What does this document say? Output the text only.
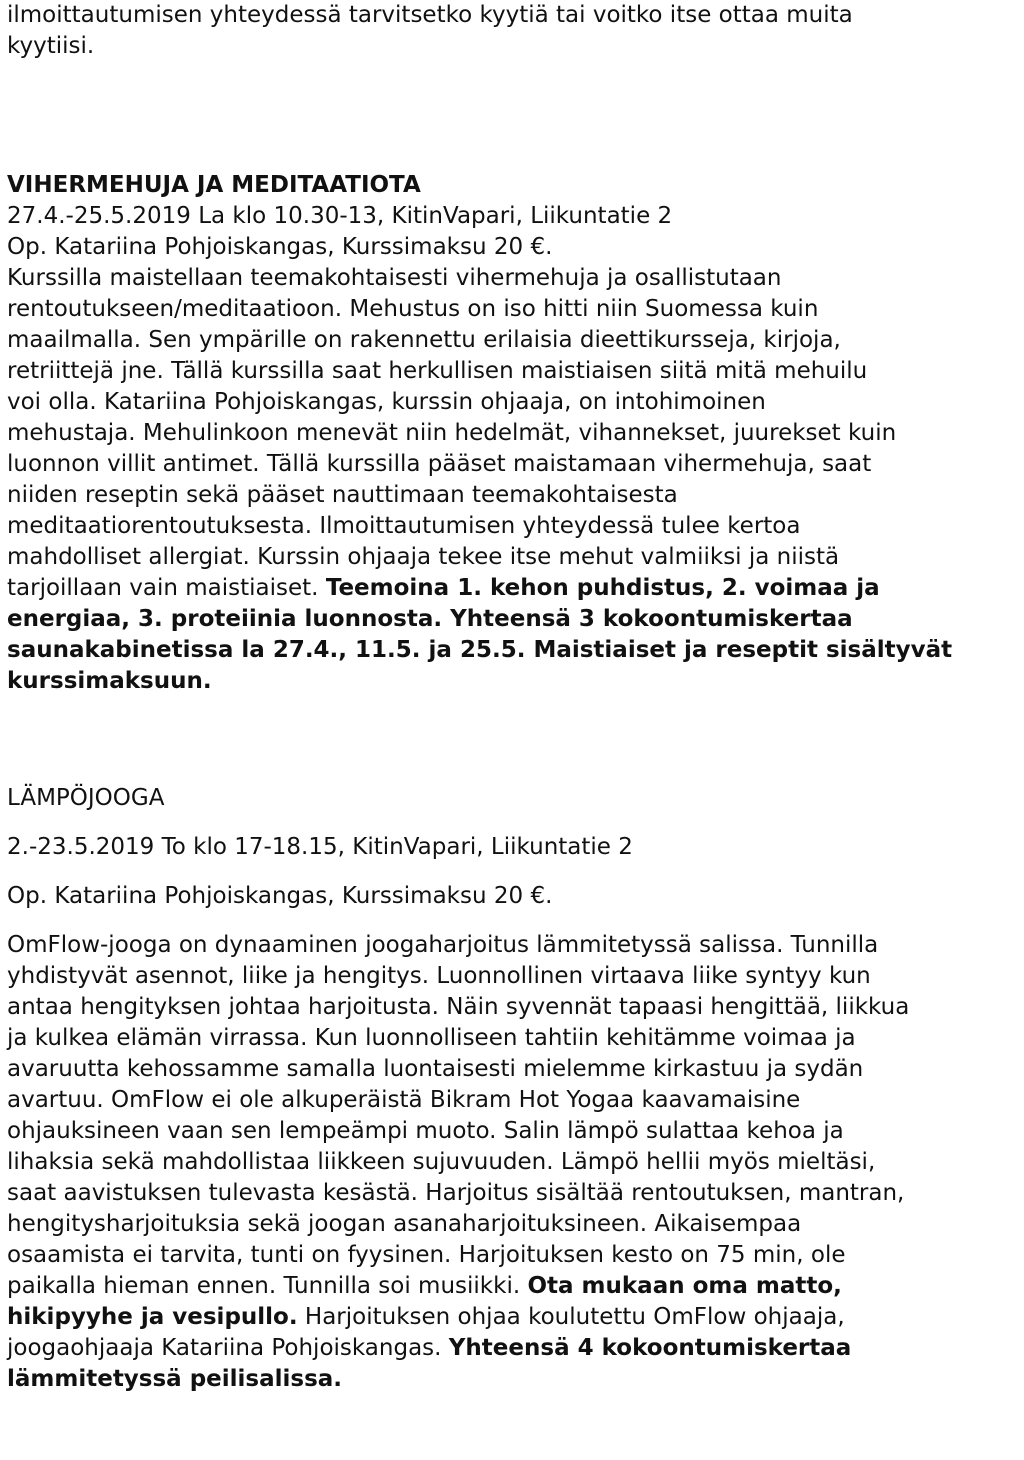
ilmoittautumisen yhteydessä tarvitsetko kyytiä tai voitko itse ottaa muita
kyytiisi.

VIHERMEHUJA JA MEDITAATIOTA

27.4.-25.5.2019 La klo 10.30-13, KitinVapari, Liikuntatie 2

Op. Katariina Pohjoiskangas, Kurssimaksu 20 €.

Kurssilla maistellaan teemakohtaisesti vihermehuja ja osallistutaan
rentoutukseen/meditaatioon. Mehustus on iso hitti niin Suomessa kuin
maailmalla. Sen ympärille on rakennettu erilaisia dieettikursseja, kirjoja,
retriittejä jne. Tällä kurssilla saat herkullisen maistiaisen siitä mitä mehuilu
voi olla. Katariina Pohjoiskangas, kurssin ohjaaja, on intohimoinen
mehustaja. Mehulinkoon menevät niin hedelmät, vihannekset, juurekset kuin
luonnon villit antimet. Tällä kurssilla pääset maistamaan vihermehuja, saat
niiden reseptin sekä pääset nauttimaan teemakohtaisesta
meditaatiorentoutuksesta. Ilmoittautumisen yhteydessä tulee kertoa
mahdolliset allergiat. Kurssin ohjaaja tekee itse mehut valmiiksi ja niistä
tarjoillaan vain maistiaiset. Teemoina 1. kehon puhdistus, 2. voimaa ja
energiaa, 3. proteiinia luonnosta. Yhteensä 3 kokoontumiskertaa
saunakabinetissa la 27.4., 11.5. ja 25.5. Maistiaiset ja reseptit sisältyvät
kurssimaksuun.

LÄMPÖJOOGA

2.-23.5.2019 To klo 17-18.15, KitinVapari, Liikuntatie 2

Op. Katariina Pohjoiskangas, Kurssimaksu 20 €.

OmFlow-jooga on dynaaminen joogaharjoitus lämmitetyssä salissa. Tunnilla
yhdistyvät asennot, liike ja hengitys. Luonnollinen virtaava liike syntyy kun
antaa hengityksen johtaa harjoitusta. Näin syvennät tapaasi hengittää, liikkua
ja kulkea elämän virrassa. Kun luonnolliseen tahtiin kehitämme voimaa ja
avaruutta kehossamme samalla luontaisesti mielemme kirkastuu ja sydän
avartuu. OmFlow ei ole alkuperäistä Bikram Hot Yogaa kaavamaisine
ohjauksineen vaan sen lempeämpi muoto. Salin lämpö sulattaa kehoa ja
lihaksia sekä mahdollistaa liikkeen sujuvuuden. Lämpö hellii myös mieltäsi,
saat aavistuksen tulevasta kesästä. Harjoitus sisältää rentoutuksen, mantran,
hengitysharjoituksia sekä joogan asanaharjoituksineen. Aikaisempaa
osaamista ei tarvita, tunti on fyysinen. Harjoituksen kesto on 75 min, ole
paikalla hieman ennen. Tunnilla soi musiikki. Ota mukaan oma matto,
hikipyyhe ja vesipullo. Harjoituksen ohjaa koulutettu OmFlow ohjaaja,
joogaohjaaja Katariina Pohjoiskangas. Yhteensä 4 kokoontumiskertaa
lämmitetyssä peilisalissa.
